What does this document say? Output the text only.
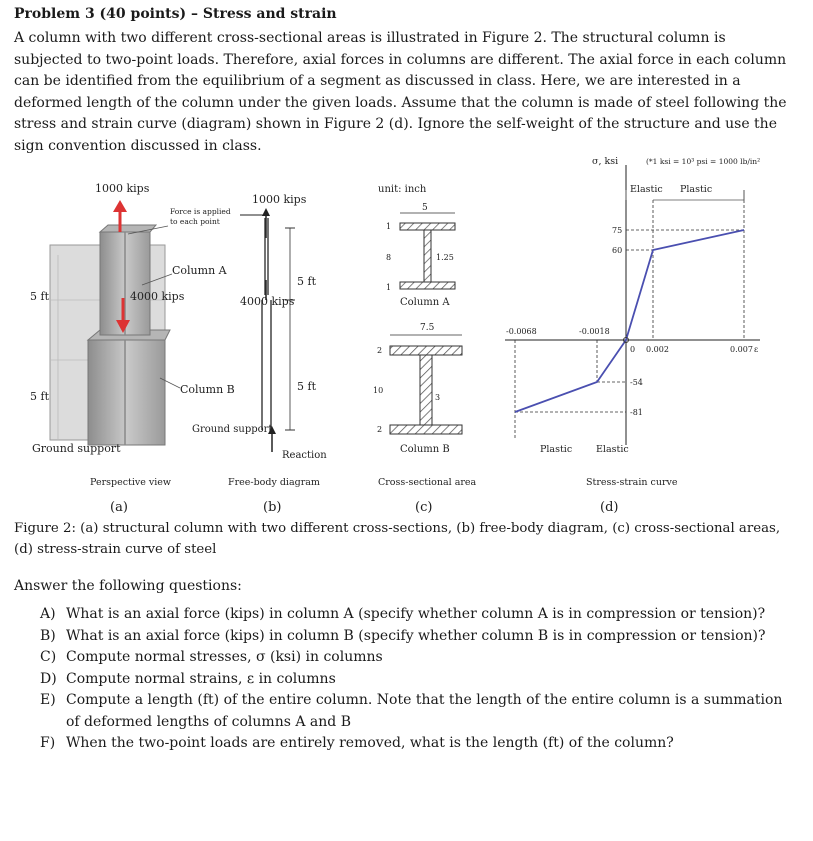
Problem 3 (40 points) – Stress and strain

A column with two different cross-sectional areas is illustrated in Figure 2. The structural column is subjected to two-point loads. Therefore, axial forces in columns are different. The axial force in each column can be identified from the equilibrium of a segment as discussed in class. Here, we are interested in a deformed length of the column under the given loads. Assume that the column is made of steel following the stress and strain curve (diagram) shown in Figure 2 (d). Ignore the self-weight of the structure and use the sign convention discussed in class.

1000 kips
Force is applied
to each point
4000 kips
Column A
Column B
5 ft
5 ft
Ground support
Perspective view
1000 kips
4000 kips
Reaction
Ground support
5 ft
5 ft
Free-body diagram
unit: inch
5
1
8	1.25
1
Column A
7.5
2
10
3
2
Column B
Cross-sectional area
σ, ksi	(*1 ksi = 10³ psi = 1000 lb/in²
Elastic Plastic
75
60
0 0.002	0.007 ε
-0.0068	-0.0018
-54
-81
Plastic	Elastic
Stress-strain curve
(a)	(b)	(c)	(d)

Figure 2: (a) structural column with two different cross-sections, (b) free-body diagram, (c) cross-sectional areas, (d) stress-strain curve of steel

Answer the following questions:
A) What is an axial force (kips) in column A (specify whether column A is in compression or tension)?
B) What is an axial force (kips) in column B (specify whether column B is in compression or tension)?
C) Compute normal stresses, σ (ksi) in columns
D) Compute normal strains, ε in columns
E) Compute a length (ft) of the entire column. Note that the length of the entire column is a summation of deformed lengths of columns A and B
F) When the two-point loads are entirely removed, what is the length (ft) of the column?
